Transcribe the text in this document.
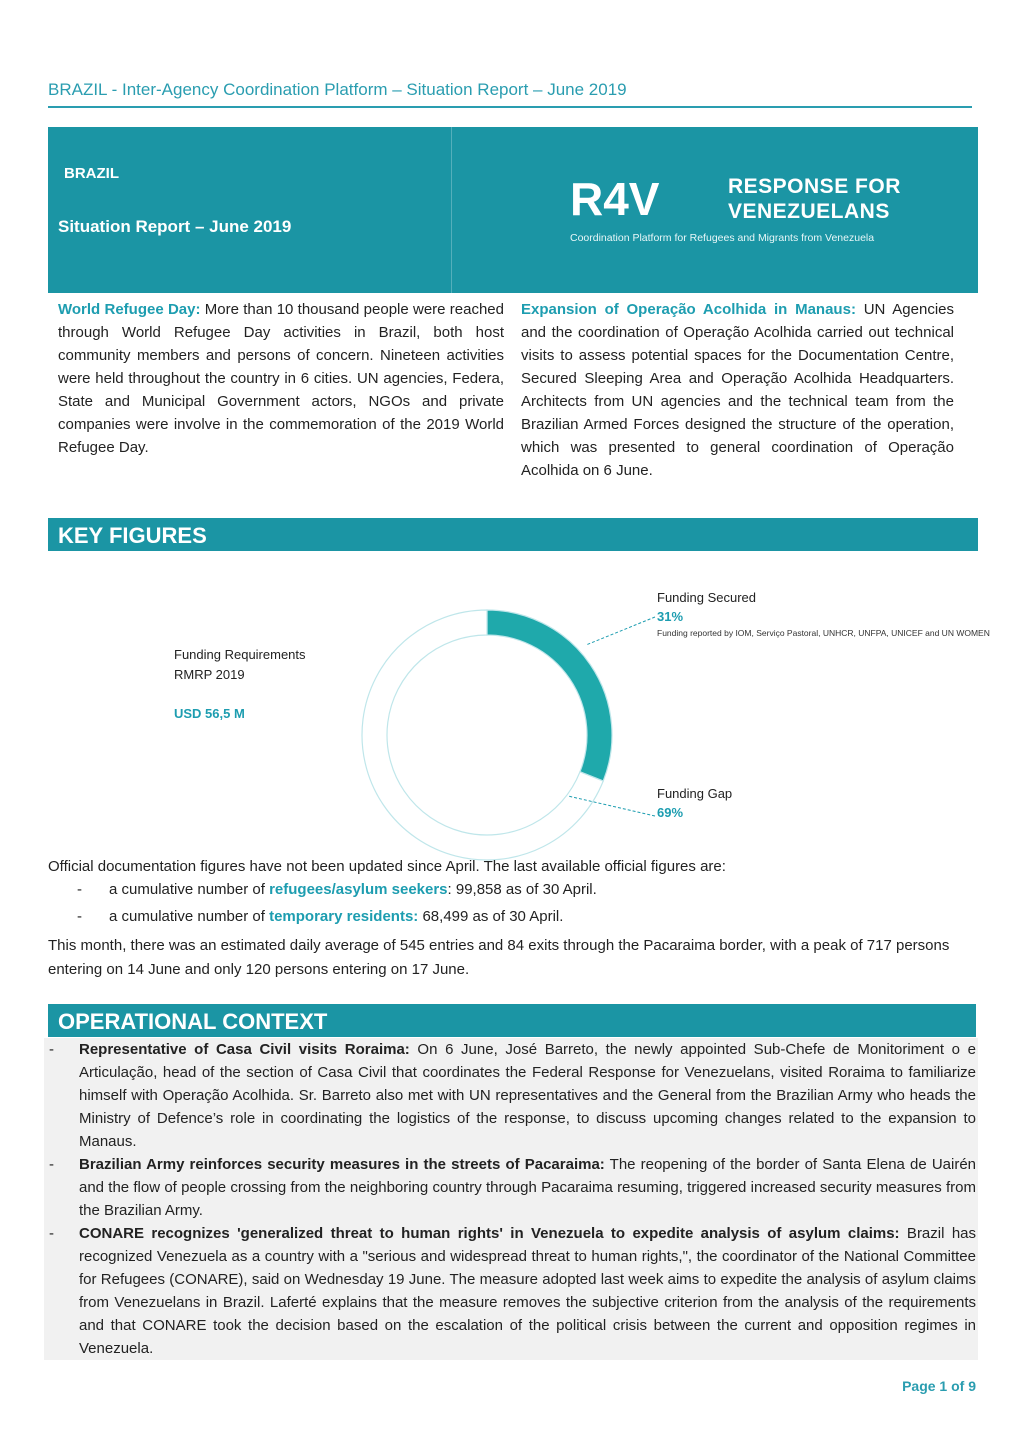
BRAZIL - Inter-Agency Coordination Platform – Situation Report – June 2019
BRAZIL
Situation Report – June 2019
R4V	RESPONSE FOR
VENEZUELANS
Coordination Platform for Refugees and Migrants from Venezuela
World Refugee Day: More than 10 thousand people were reached through World Refugee Day activities in Brazil, both host community members and persons of concern. Nineteen activities were held throughout the country in 6 cities. UN agencies, Federa, State and Municipal Government actors, NGOs and private companies were involve in the commemoration of the 2019 World Refugee Day.
Expansion of Operação Acolhida in Manaus: UN Agencies and the coordination of Operação Acolhida carried out technical visits to assess potential spaces for the Documentation Centre, Secured Sleeping Area and Operação Acolhida Headquarters. Architects from UN agencies and the technical team from the Brazilian Armed Forces designed the structure of the operation, which was presented to general coordination of Operação Acolhida on 6 June.
KEY FIGURES
Funding Requirements
RMRP 2019
USD 56,5 M
Funding Secured
31%
Funding reported by IOM, Serviço Pastoral, UNHCR, UNFPA, UNICEF and UN WOMEN
Funding Gap
69%
Official documentation figures have not been updated since April. The last available official figures are:
- a cumulative number of refugees/asylum seekers: 99,858 as of 30 April.
- a cumulative number of temporary residents: 68,499 as of 30 April.
This month, there was an estimated daily average of 545 entries and 84 exits through the Pacaraima border, with a peak of 717 persons entering on 14 June and only 120 persons entering on 17 June.
OPERATIONAL CONTEXT
- Representative of Casa Civil visits Roraima: On 6 June, José Barreto, the newly appointed Sub-Chefe de Monitoriment o e Articulação, head of the section of Casa Civil that coordinates the Federal Response for Venezuelans, visited Roraima to familiarize himself with Operação Acolhida. Sr. Barreto also met with UN representatives and the General from the Brazilian Army who heads the Ministry of Defence’s role in coordinating the logistics of the response, to discuss upcoming changes related to the expansion to Manaus.
- Brazilian Army reinforces security measures in the streets of Pacaraima: The reopening of the border of Santa Elena de Uairén and the flow of people crossing from the neighboring country through Pacaraima resuming, triggered increased security measures from the Brazilian Army.
- CONARE recognizes 'generalized threat to human rights' in Venezuela to expedite analysis of asylum claims: Brazil has recognized Venezuela as a country with a "serious and widespread threat to human rights,", the coordinator of the National Committee for Refugees (CONARE), said on Wednesday 19 June. The measure adopted last week aims to expedite the analysis of asylum claims from Venezuelans in Brazil. Laferté explains that the measure removes the subjective criterion from the analysis of the requirements and that CONARE took the decision based on the escalation of the political crisis between the current and opposition regimes in Venezuela.
Page 1 of 9
